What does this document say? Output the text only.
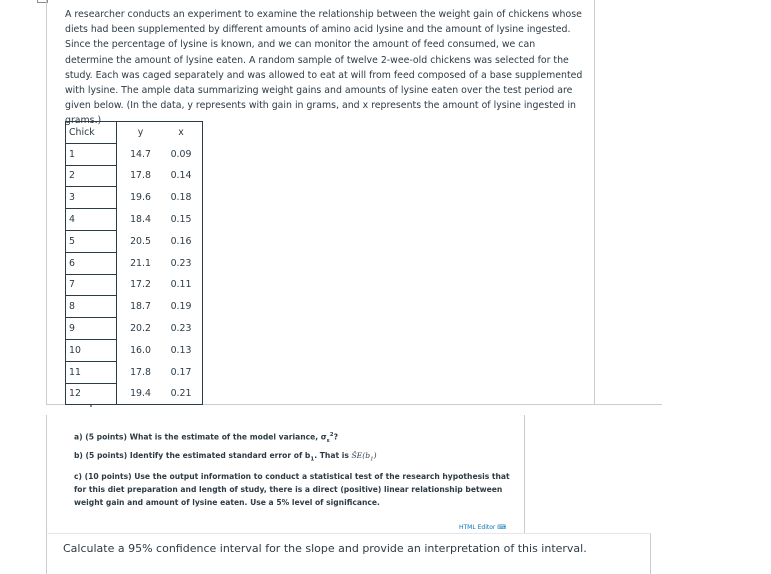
A researcher conducts an experiment to examine the relationship between the weight gain of chickens whose diets had been supplemented by different amounts of amino acid lysine and the amount of lysine ingested. Since the percentage of lysine is known, and we can monitor the amount of feed consumed, we can determine the amount of lysine eaten. A random sample of twelve 2-wee-old chickens was selected for the study. Each was caged separately and was allowed to eat at will from feed composed of a base supplemented with lysine. The ample data summarizing weight gains and amounts of lysine eaten over the test period are given below. (In the data, y represents with gain in grams, and x represents the amount of lysine ingested in grams.)

Chick	y	x
1	14.7	0.09
2	17.8	0.14
3	19.6	0.18
4	18.4	0.15
5	20.5	0.16
6	21.1	0.23
7	17.2	0.11
8	18.7	0.19
9	20.2	0.23
10	16.0	0.13
11	17.8	0.17
12	19.4	0.21

a) (5 points) What is the estimate of the model variance, $\sigma_\varepsilon^2$?

b) (5 points) Identify the estimated standard error of $b_1$. That is $ŜE(b_1)$

c) (10 points) Use the output information to conduct a statistical test of the research hypothesis that for this diet preparation and length of study, there is a direct (positive) linear relationship between weight gain and amount of lysine eaten. Use a 5% level of significance.

HTML Editor ⌨

Calculate a 95% confidence interval for the slope and provide an interpretation of this interval.
